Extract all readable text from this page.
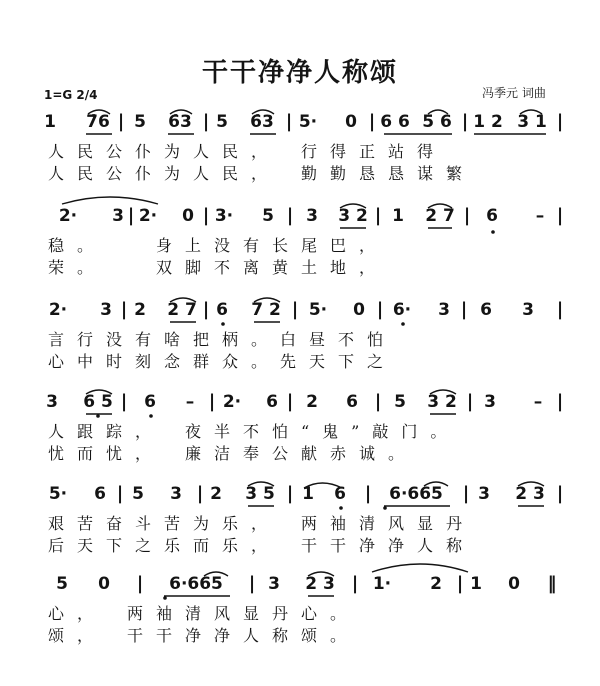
干干净净人称颂
1=G 2/4	冯季元 词曲
1 7̇6 | 5 6̇3 | 5 6̇3 | 5· 0 | 6 6 5 6 | 1 2 3 1 |
人民公仆为人民，　行得正站得
人民公仆为人民，　勤勤恳恳谋繁
2· 3 | 2· 0 | 3· 5 | 3 3 2 | 1 2 7 | 6 – |
稳。　　身上没有长尾巴，
荣。　　双脚不离黄土地，
2· 3 | 2 2 7 | 6 7 2 | 5· 0 | 6· 3 | 6 3 |
言行没有啥把柄。白昼不怕
心中时刻念群众。先天下之
3 6 5 | 6 – | 2· 6 | 2 6 | 5 3 2 | 3 – |
人跟踪，　夜半不怕“鬼”敲门。
忧而忧，　廉洁奉公献赤诚。
5· 6 | 5 3 | 2 3 5 | 1 6 | 6·665 | 3 2 3 |
艰苦奋斗苦为乐，　两袖清风显丹
后天下之乐而乐，　干干净净人称
5 0 | 6·665 | 3 2 3 | 1· 2 | 1 0 ‖
心，　两袖清风显丹心。
颂，　干干净净人称颂。
